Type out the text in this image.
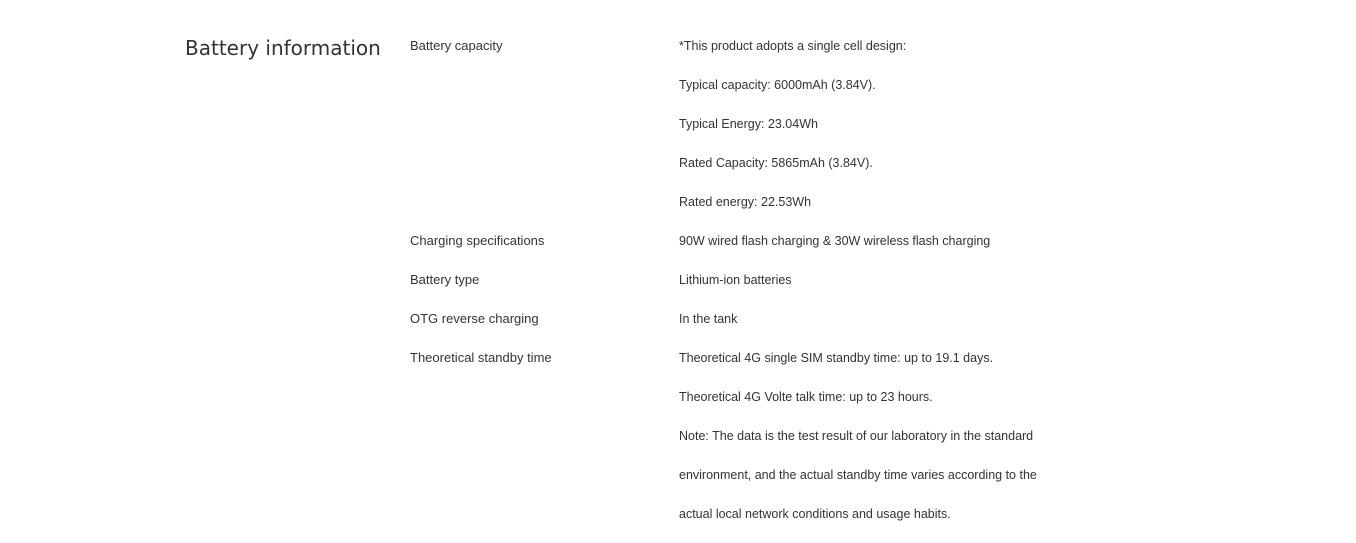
Battery information Battery capacity	*This product adopts a single cell design:
Typical capacity: 6000mAh (3.84V).
Typical Energy: 23.04Wh
Rated Capacity: 5865mAh (3.84V).
Rated energy: 22.53Wh
Charging specifications	90W wired flash charging & 30W wireless flash charging
Battery type	Lithium-ion batteries
OTG reverse charging	In the tank
Theoretical standby time	Theoretical 4G single SIM standby time: up to 19.1 days.
Theoretical 4G Volte talk time: up to 23 hours.
Note: The data is the test result of our laboratory in the standard
environment, and the actual standby time varies according to the
actual local network conditions and usage habits.
